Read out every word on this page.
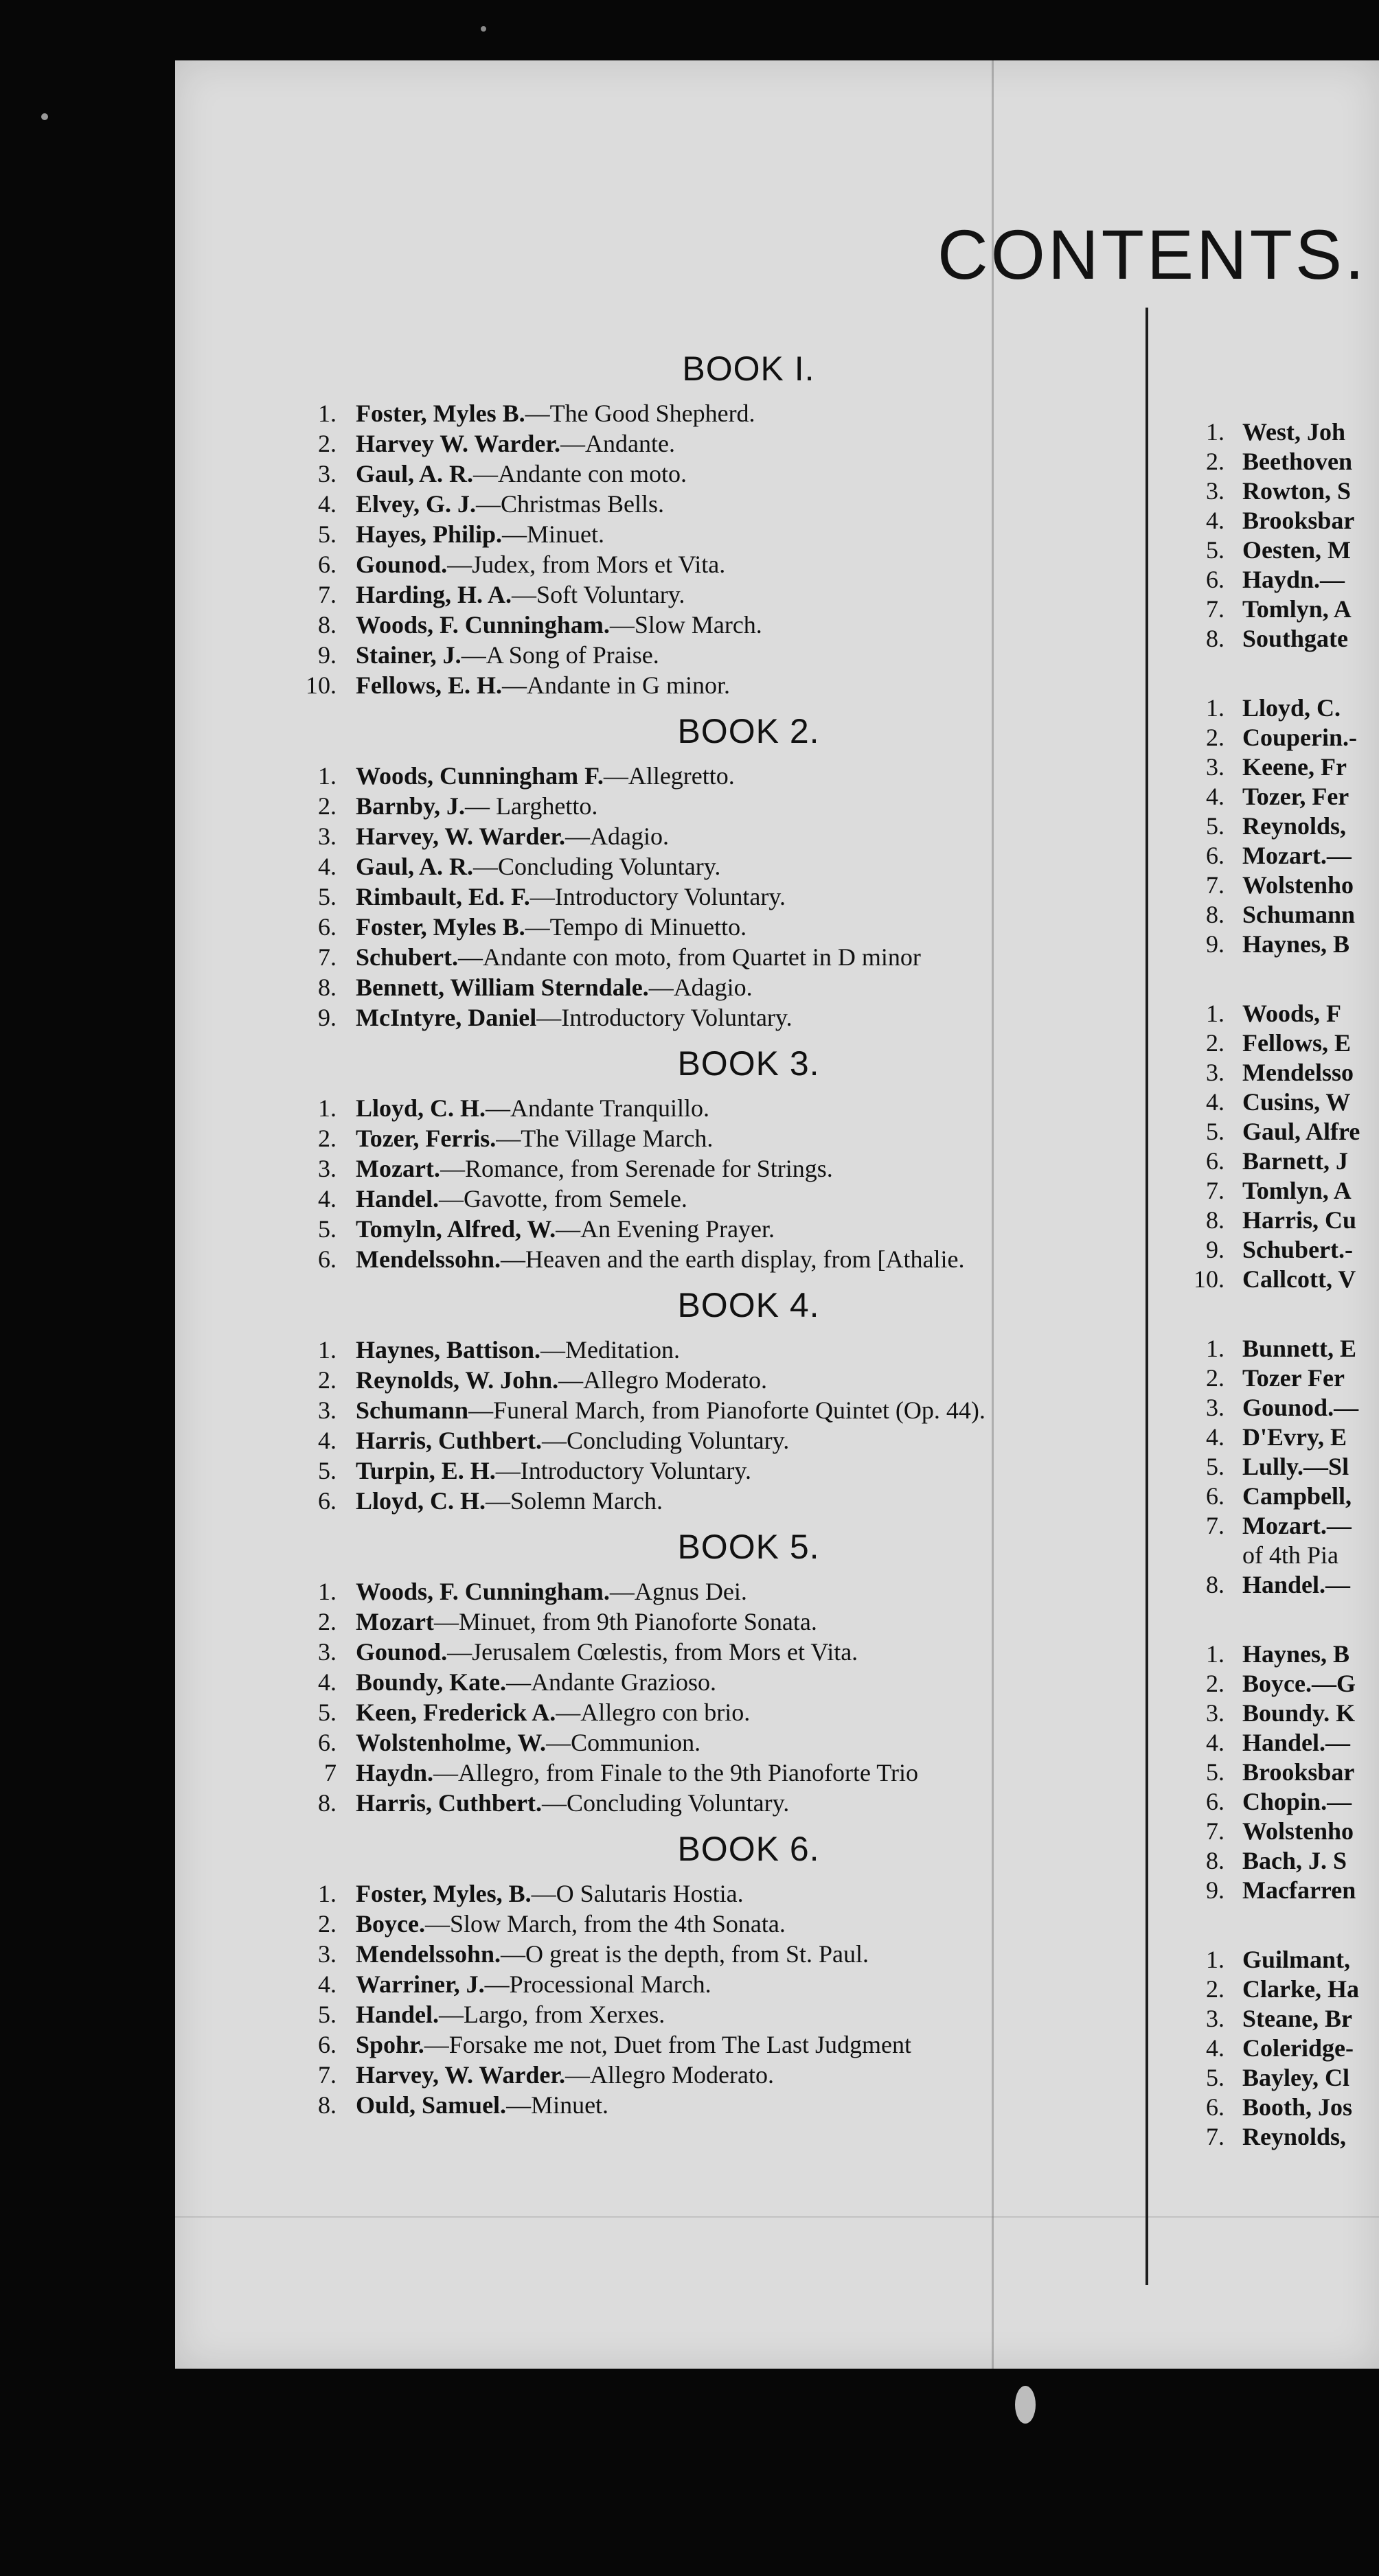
CONTENTS.
BOOK I.
1. Foster, Myles B.—The Good Shepherd.
2. Harvey W. Warder.—Andante.
3. Gaul, A. R.—Andante con moto.
4. Elvey, G. J.—Christmas Bells.
5. Hayes, Philip.—Minuet.
6. Gounod.—Judex, from Mors et Vita.
7. Harding, H. A.—Soft Voluntary.
8. Woods, F. Cunningham.—Slow March.
9. Stainer, J.—A Song of Praise.
10. Fellows, E. H.—Andante in G minor.
BOOK 2.
1. Woods, Cunningham F.—Allegretto.
2. Barnby, J.— Larghetto.
3. Harvey, W. Warder.—Adagio.
4. Gaul, A. R.—Concluding Voluntary.
5. Rimbault, Ed. F.—Introductory Voluntary.
6. Foster, Myles B.—Tempo di Minuetto.
7. Schubert.—Andante con moto, from Quartet in D minor
8. Bennett, William Sterndale.—Adagio.
9. McIntyre, Daniel—Introductory Voluntary.
BOOK 3.
1. Lloyd, C. H.—Andante Tranquillo.
2. Tozer, Ferris.—The Village March.
3. Mozart.—Romance, from Serenade for Strings.
4. Handel.—Gavotte, from Semele.
5. Tomyln, Alfred, W.—An Evening Prayer.
6. Mendelssohn.—Heaven and the earth display, from [Athalie.
BOOK 4.
1. Haynes, Battison.—Meditation.
2. Reynolds, W. John.—Allegro Moderato.
3. Schumann—Funeral March, from Pianoforte Quintet (Op. 44).
4. Harris, Cuthbert.—Concluding Voluntary.
5. Turpin, E. H.—Introductory Voluntary.
6. Lloyd, C. H.—Solemn March.
BOOK 5.
1. Woods, F. Cunningham.—Agnus Dei.
2. Mozart—Minuet, from 9th Pianoforte Sonata.
3. Gounod.—Jerusalem Cœlestis, from Mors et Vita.
4. Boundy, Kate.—Andante Grazioso.
5. Keen, Frederick A.—Allegro con brio.
6. Wolstenholme, W.—Communion.
7 Haydn.—Allegro, from Finale to the 9th Pianoforte Trio
8. Harris, Cuthbert.—Concluding Voluntary.
BOOK 6.
1. Foster, Myles, B.—O Salutaris Hostia.
2. Boyce.—Slow March, from the 4th Sonata.
3. Mendelssohn.—O great is the depth, from St. Paul.
4. Warriner, J.—Processional March.
5. Handel.—Largo, from Xerxes.
6. Spohr.—Forsake me not, Duet from The Last Judgment
7. Harvey, W. Warder.—Allegro Moderato.
8. Ould, Samuel.—Minuet.
1. West, Joh
2. Beethoven
3. Rowton, S
4. Brooksbar
5. Oesten, M
6. Haydn.—
7. Tomlyn, A
8. Southgate
1. Lloyd, C.
2. Couperin.-
3. Keene, Fr
4. Tozer, Fer
5. Reynolds,
6. Mozart.—
7. Wolstenho
8. Schumann
9. Haynes, B
1. Woods, F
2. Fellows, E
3. Mendelsso
4. Cusins, W
5. Gaul, Alfre
6. Barnett, J
7. Tomlyn, A
8. Harris, Cu
9. Schubert.-
10. Callcott, V
1. Bunnett, E
2. Tozer Fer
3. Gounod.—
4. D'Evry, E
5. Lully.—Sl
6. Campbell,
7. Mozart.—
of 4th Pia
8. Handel.—
1. Haynes, B
2. Boyce.—G
3. Boundy. K
4. Handel.—
5. Brooksbar
6. Chopin.—
7. Wolstenho
8. Bach, J. S
9. Macfarren
1. Guilmant,
2. Clarke, Ha
3. Steane, Br
4. Coleridge-
5. Bayley, Cl
6. Booth, Jos
7. Reynolds,
